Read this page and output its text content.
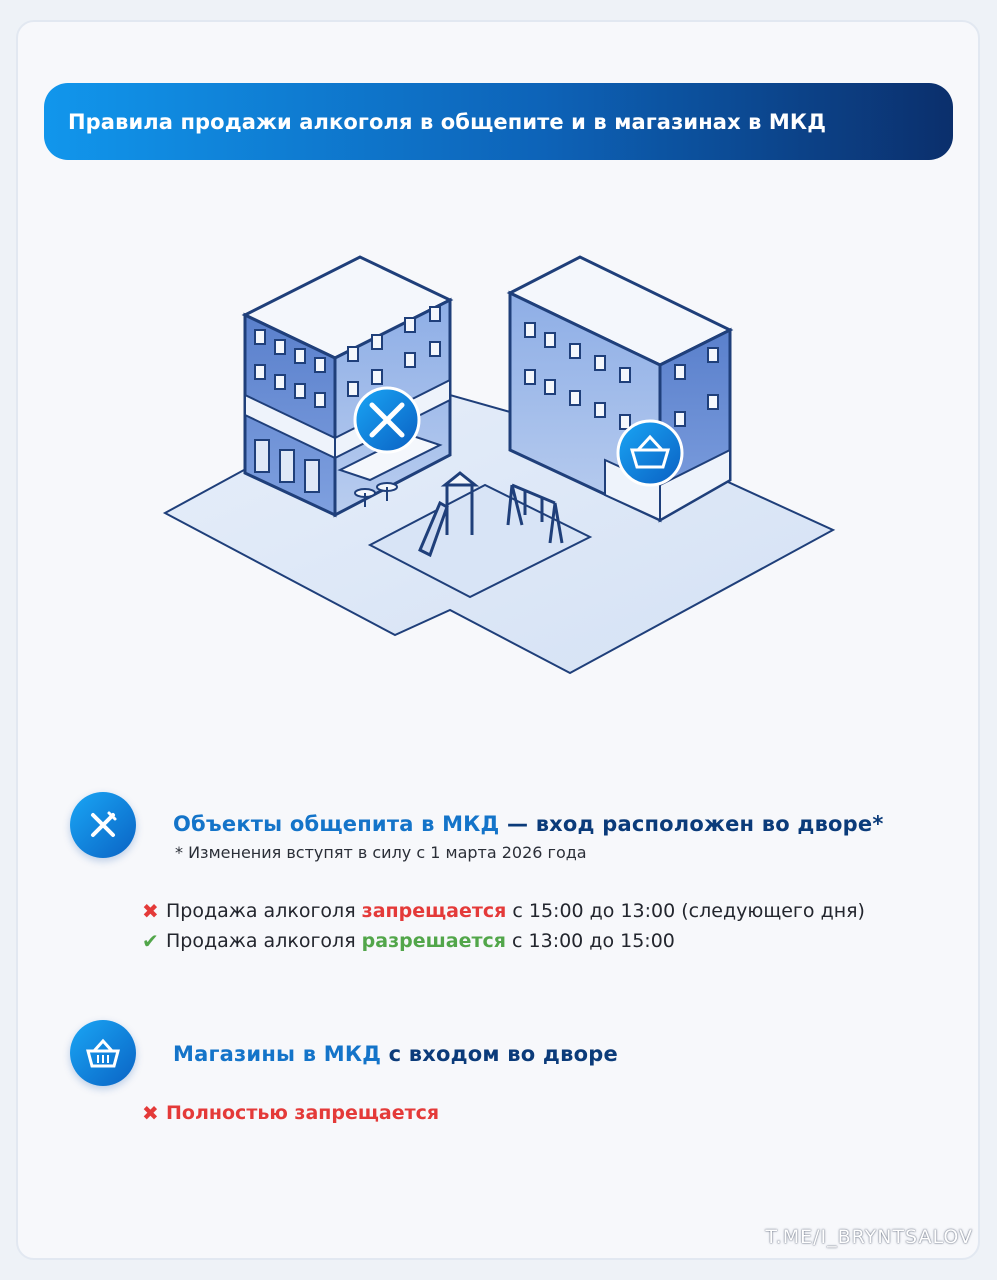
Правила продажи алкоголя в общепите и в магазинах в МКД
Объекты общепита в МКД — вход расположен во дворе*
* Изменения вступят в силу с 1 марта 2026 года
✖ Продажа алкоголя
запрещается
с 15:00 до 13:00 (следующего дня)
✔ Продажа алкоголя
разрешается
с 13:00 до 15:00
Магазины в МКД с входом во дворе
✖ Полностью запрещается
T.ME/I_BRYNTSALOV
